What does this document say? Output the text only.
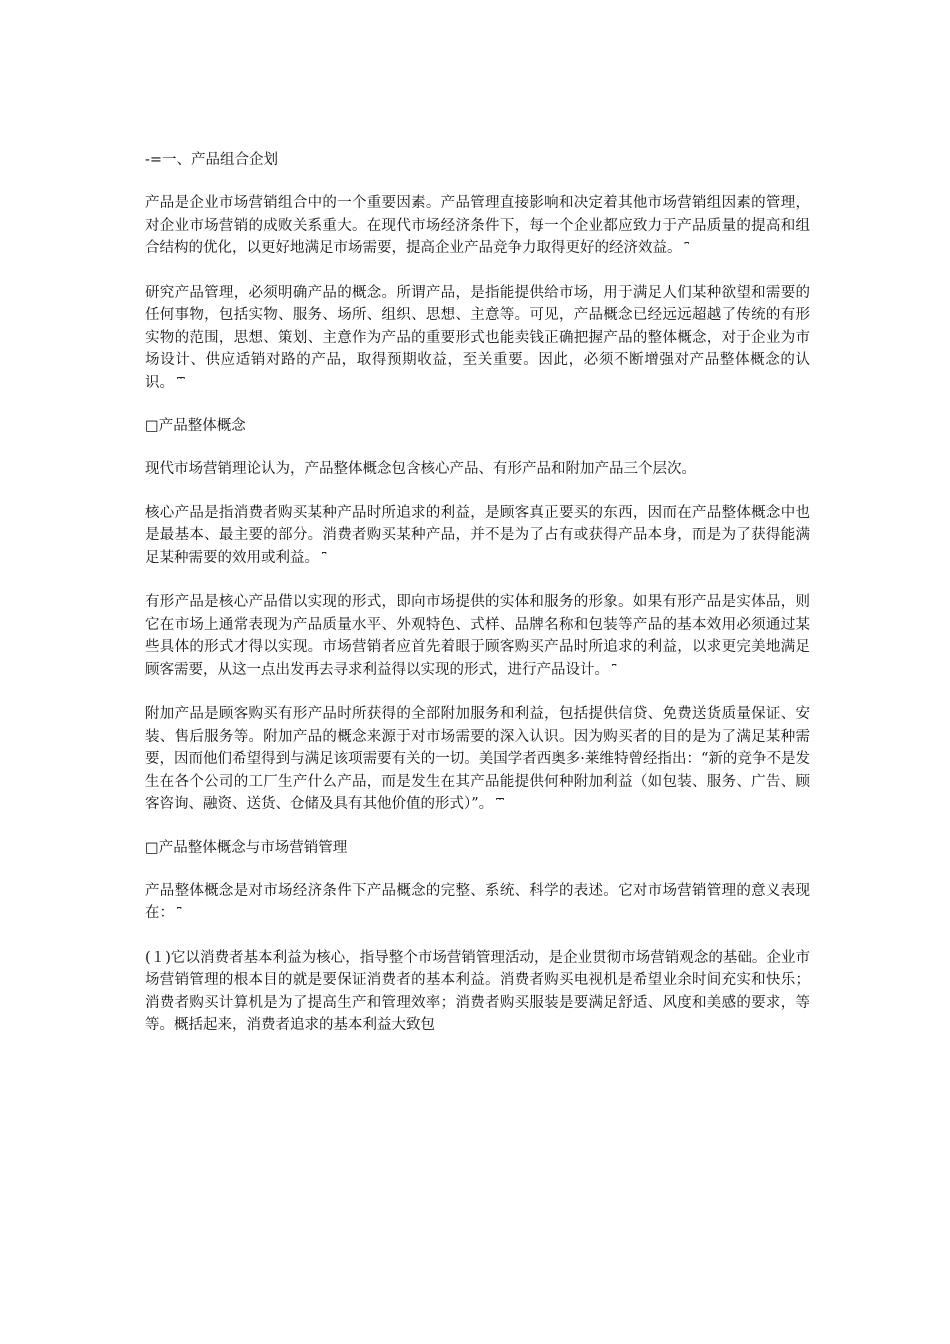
-=一、产品组合企划

产品是企业市场营销组合中的一个重要因素。产品管理直接影响和决定着其他市场营销组因素的管理，对企业市场营销的成败关系重大。在现代市场经济条件下，每一个企业都应致力于产品质量的提高和组合结构的优化，以更好地满足市场需要，提高企业产品竞争力取得更好的经济效益。 ⎴

研究产品管理，必须明确产品的概念。所谓产品，是指能提供给市场，用于满足人们某种欲望和需要的任何事物，包括实物、服务、场所、组织、思想、主意等。可见，产品概念已经远远超越了传统的有形实物的范围，思想、策划、主意作为产品的重要形式也能卖钱正确把握产品的整体概念，对于企业为市场设计、供应适销对路的产品，取得预期收益，至关重要。因此，必须不断增强对产品整体概念的认识。 ⎴⎴

□产品整体概念

现代市场营销理论认为，产品整体概念包含核心产品、有形产品和附加产品三个层次。

核心产品是指消费者购买某种产品时所追求的利益，是顾客真正要买的东西，因而在产品整体概念中也是最基本、最主要的部分。消费者购买某种产品，并不是为了占有或获得产品本身，而是为了获得能满足某种需要的效用或利益。 ⎴

有形产品是核心产品借以实现的形式，即向市场提供的实体和服务的形象。如果有形产品是实体品，则它在市场上通常表现为产品质量水平、外观特色、式样、品牌名称和包装等产品的基本效用必须通过某些具体的形式才得以实现。市场营销者应首先着眼于顾客购买产品时所追求的利益，以求更完美地满足顾客需要，从这一点出发再去寻求利益得以实现的形式，进行产品设计。 ⎴

附加产品是顾客购买有形产品时所获得的全部附加服务和利益，包括提供信贷、免费送货质量保证、安装、售后服务等。附加产品的概念来源于对市场需要的深入认识。因为购买者的目的是为了满足某种需要，因而他们希望得到与满足该项需要有关的一切。美国学者西奥多·莱维特曾经指出：“新的竞争不是发生在各个公司的工厂生产什么产品，而是发生在其产品能提供何种附加利益（如包装、服务、广告、顾客咨询、融资、送货、仓储及具有其他价值的形式）”。 ⎴⎴

□产品整体概念与市场营销管理

产品整体概念是对市场经济条件下产品概念的完整、系统、科学的表述。它对市场营销管理的意义表现在： ⎴

(１)它以消费者基本利益为核心，指导整个市场营销管理活动，是企业贯彻市场营销观念的基础。企业市场营销管理的根本目的就是要保证消费者的基本利益。消费者购买电视机是希望业余时间充实和快乐；消费者购买计算机是为了提高生产和管理效率；消费者购买服装是要满足舒适、风度和美感的要求，等等。概括起来，消费者追求的基本利益大致包
